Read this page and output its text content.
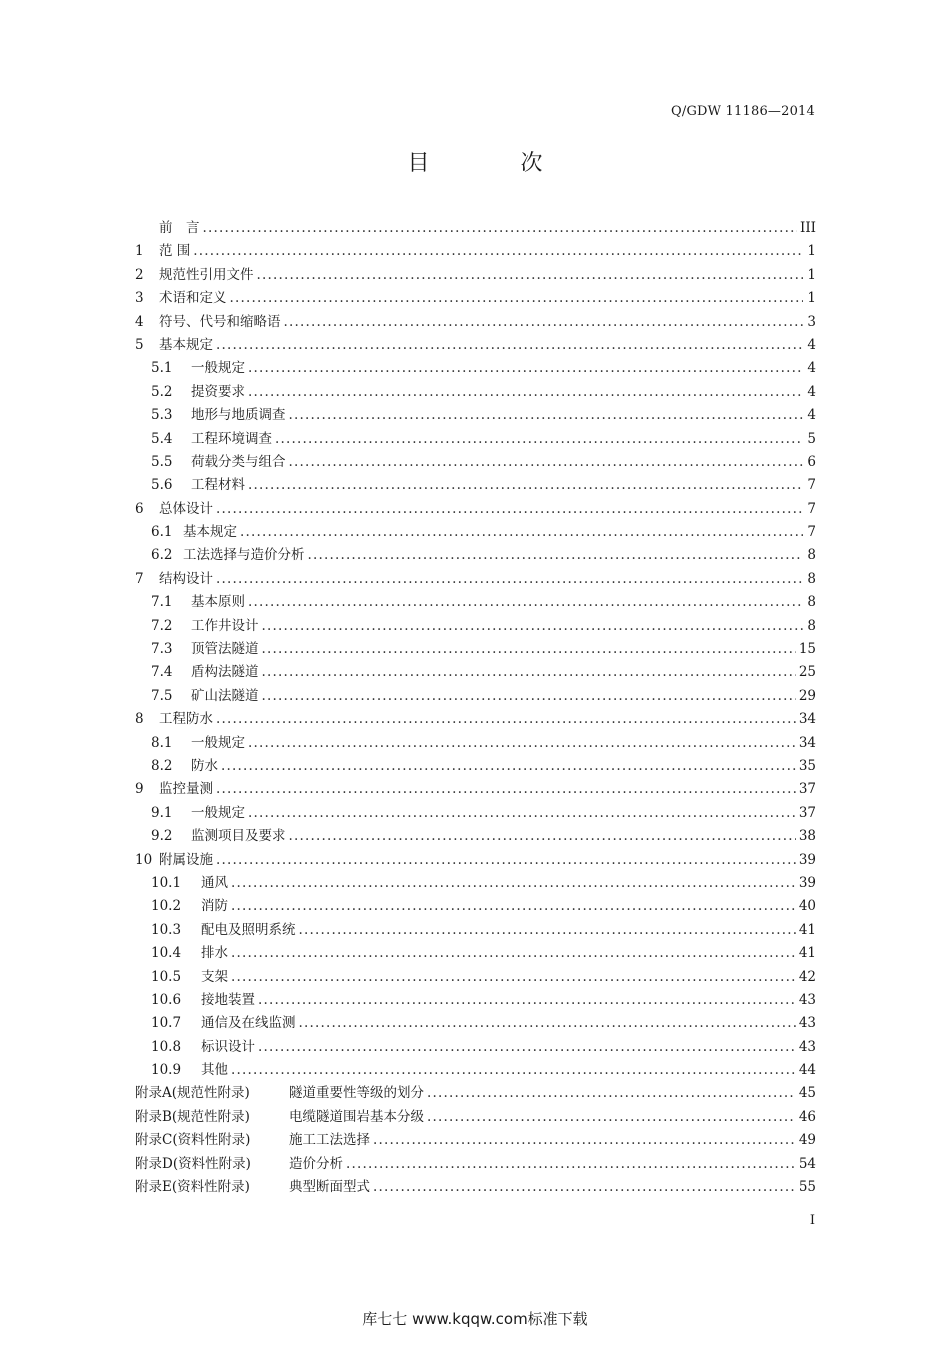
Q/GDW 11186—2014
目 次
前　言 .....	III
1	范 围 .....	1
2	规范性引用文件 .....	1
3	术语和定义 .....	1
4	符号、代号和缩略语 .....	3
5	基本规定 .....	4
5.1	一般规定 .....	4
5.2	提资要求 .....	4
5.3	地形与地质调查 .....	4
5.4	工程环境调查 .....	5
5.5	荷载分类与组合 .....	6
5.6	工程材料 .....	7
6	总体设计 .....	7
6.1 基本规定 .....	7
6.2 工法选择与造价分析 .....	8
7	结构设计 .....	8
7.1	基本原则 .....	8
7.2	工作井设计 .....	8
7.3	顶管法隧道 .....	15
7.4	盾构法隧道 .....	25
7.5	矿山法隧道 .....	29
8	工程防水 .....	34
8.1	一般规定 .....	34
8.2	防水 .....	35
9	监控量测 .....	37
9.1	一般规定 .....	37
9.2	监测项目及要求 .....	38
10 附属设施 .....	39
10.1	通风 .....	39
10.2	消防 .....	40
10.3	配电及照明系统 .....	41
10.4	排水 .....	41
10.5	支架 .....	42
10.6	接地装置 .....	43
10.7	通信及在线监测 .....	43
10.8	标识设计 .....	43
10.9	其他 .....	44
附录A(规范性附录)	隧道重要性等级的划分 .....	45
附录B(规范性附录)	电缆隧道围岩基本分级 .....	46
附录C(资料性附录)	施工工法选择 .....	49
附录D(资料性附录)	造价分析 .....	54
附录E(资料性附录)	典型断面型式 .....	55
I
库七七 www.kqqw.com标准下载
